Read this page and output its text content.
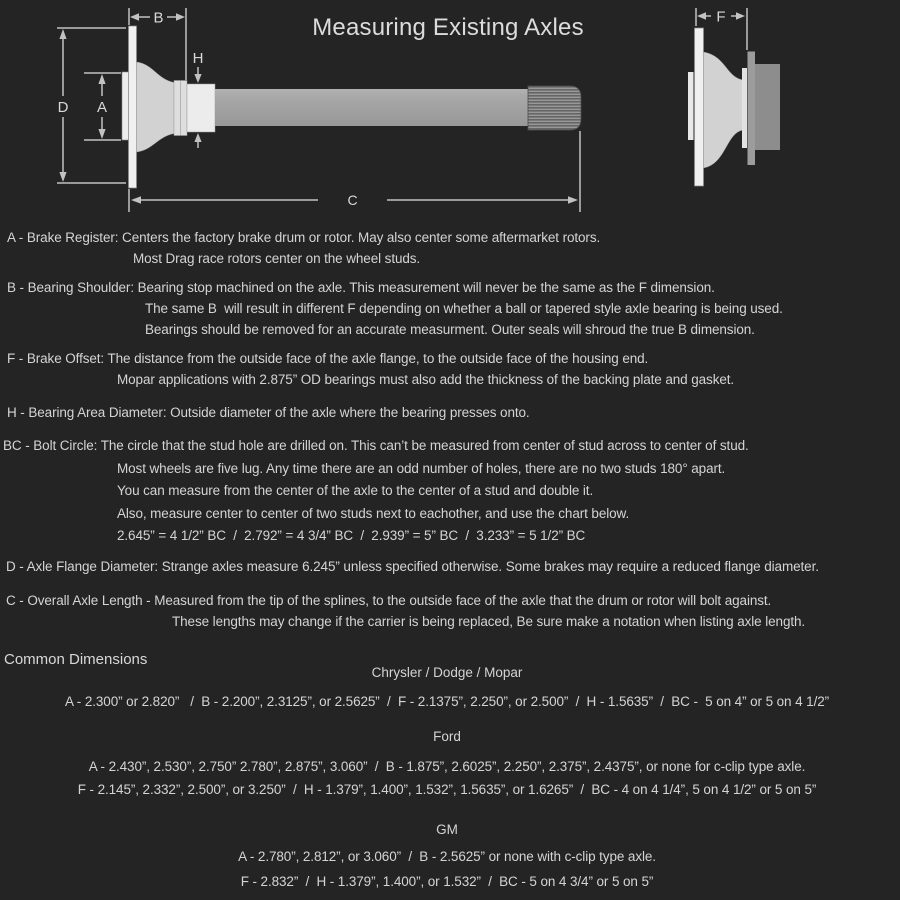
Measuring Existing Axles
B
H
D A
C
F
A - Brake Register: Centers the factory brake drum or rotor. May also center some aftermarket rotors.
Most Drag race rotors center on the wheel studs.
B - Bearing Shoulder: Bearing stop machined on the axle. This measurement will never be the same as the F dimension.
The same B  will result in different F depending on whether a ball or tapered style axle bearing is being used.
Bearings should be removed for an accurate measurment. Outer seals will shroud the true B dimension.
F - Brake Offset: The distance from the outside face of the axle flange, to the outside face of the housing end.
Mopar applications with 2.875” OD bearings must also add the thickness of the backing plate and gasket.
H - Bearing Area Diameter: Outside diameter of the axle where the bearing presses onto.
BC - Bolt Circle: The circle that the stud hole are drilled on. This can’t be measured from center of stud across to center of stud.
Most wheels are five lug. Any time there are an odd number of holes, there are no two studs 180° apart.
You can measure from the center of the axle to the center of a stud and double it.
Also, measure center to center of two studs next to eachother, and use the chart below.
2.645” = 4 1/2” BC  /  2.792” = 4 3/4” BC  /  2.939” = 5” BC  /  3.233” = 5 1/2” BC
D - Axle Flange Diameter: Strange axles measure 6.245” unless specified otherwise. Some brakes may require a reduced flange diameter.
C - Overall Axle Length - Measured from the tip of the splines, to the outside face of the axle that the drum or rotor will bolt against.
These lengths may change if the carrier is being replaced, Be sure make a notation when listing axle length.
Common Dimensions
Chrysler / Dodge / Mopar
A - 2.300” or 2.820”   /  B - 2.200”, 2.3125”, or 2.5625”  /  F - 2.1375”, 2.250”, or 2.500”  /  H - 1.5635”  /  BC -  5 on 4” or 5 on 4 1/2”
Ford
A - 2.430”, 2.530”, 2.750” 2.780”, 2.875”, 3.060”  /  B - 1.875”, 2.6025”, 2.250”, 2.375”, 2.4375”, or none for c-clip type axle.
F - 2.145”, 2.332”, 2.500”, or 3.250”  /  H - 1.379”, 1.400”, 1.532”, 1.5635”, or 1.6265”  /  BC - 4 on 4 1/4”, 5 on 4 1/2” or 5 on 5”
GM
A - 2.780”, 2.812”, or 3.060”  /  B - 2.5625” or none with c-clip type axle.
F - 2.832”  /  H - 1.379”, 1.400”, or 1.532”  /  BC - 5 on 4 3/4” or 5 on 5”
